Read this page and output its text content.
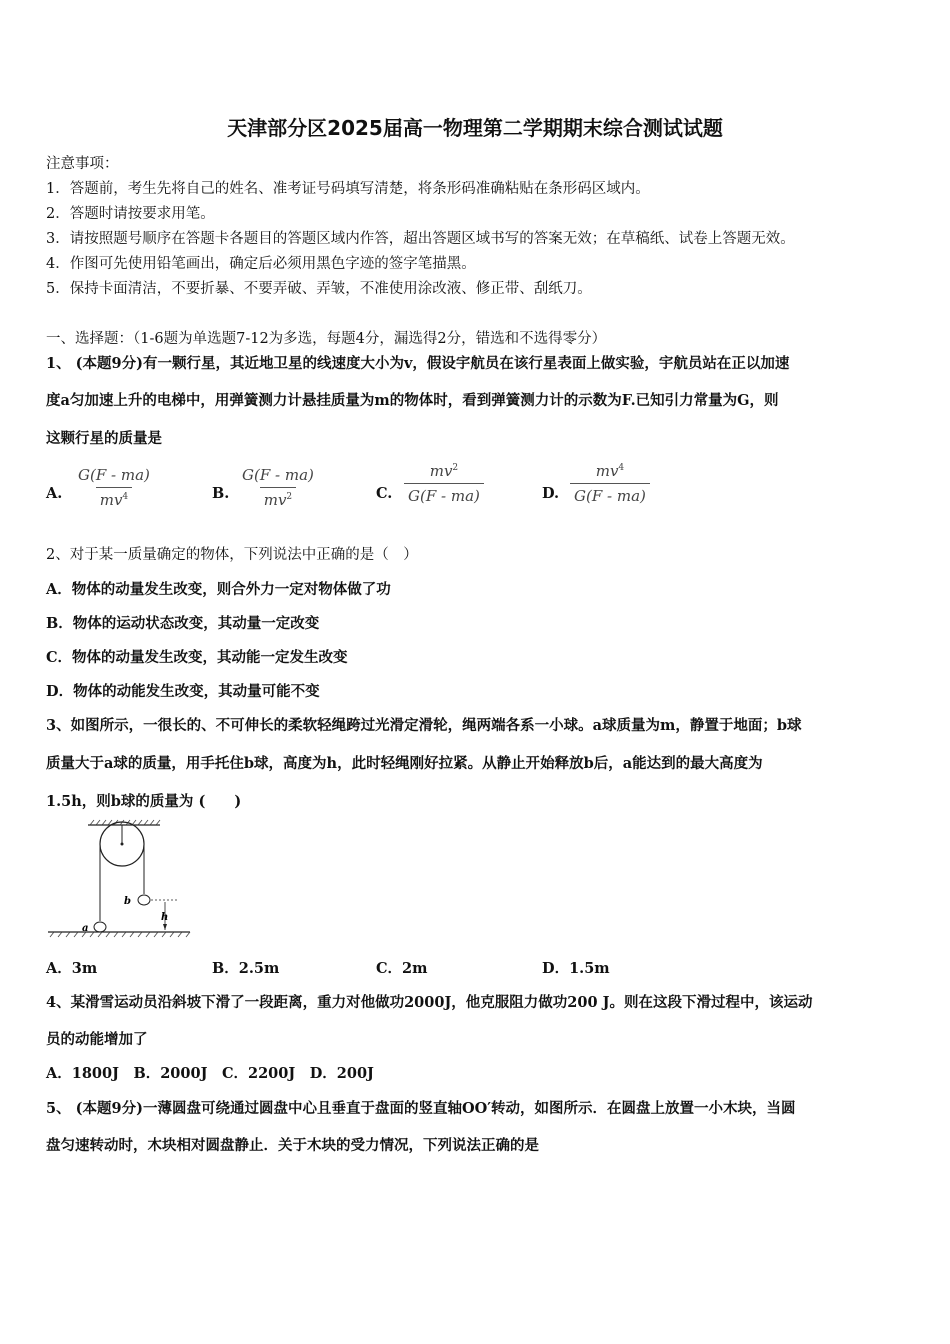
天津部分区2025届高一物理第二学期期末综合测试试题
注意事项：
1．答题前，考生先将自己的姓名、准考证号码填写清楚，将条形码准确粘贴在条形码区域内。
2．答题时请按要求用笔。
3．请按照题号顺序在答题卡各题目的答题区域内作答，超出答题区域书写的答案无效；在草稿纸、试卷上答题无效。
4．作图可先使用铅笔画出，确定后必须用黑色字迹的签字笔描黑。
5．保持卡面清洁，不要折暴、不要弄破、弄皱，不准使用涂改液、修正带、刮纸刀。
一、选择题：（1-6题为单选题7-12为多选，每题4分，漏选得2分，错选和不选得零分）
1、 (本题9分)有一颗行星，其近地卫星的线速度大小为v，假设宇航员在该行星表面上做实验，宇航员站在正以加速
度a匀加速上升的电梯中，用弹簧测力计悬挂质量为m的物体时，看到弹簧测力计的示数为F.已知引力常量为G，则
这颗行星的质量是
A. $\frac{G(F - ma)}{mv^4}$	B. $\frac{G(F - ma)}{mv^2}$	C. $\frac{mv^2}{G(F - ma)}$	D. $\frac{mv^4}{G(F - ma)}$
2、对于某一质量确定的物体，下列说法中正确的是（　）
A．物体的动量发生改变，则合外力一定对物体做了功
B．物体的运动状态改变，其动量一定改变
C．物体的动量发生改变，其动能一定发生改变
D．物体的动能发生改变，其动量可能不变
3、如图所示，一很长的、不可伸长的柔软轻绳跨过光滑定滑轮，绳两端各系一小球。a球质量为m，静置于地面；b球
质量大于a球的质量，用手托住b球，高度为h，此时轻绳刚好拉紧。从静止开始释放b后，a能达到的最大高度为
1.5h，则b球的质量为 (　　)
b
a
h
A．3m	B．2.5m	C．2m	D．1.5m
4、某滑雪运动员沿斜坡下滑了一段距离，重力对他做功2000J，他克服阻力做功200 J。则在这段下滑过程中，该运动
员的动能增加了
A．1800J　B．2000J　C．2200J　D．200J
5、 (本题9分)一薄圆盘可绕通过圆盘中心且垂直于盘面的竖直轴OO′转动，如图所示．在圆盘上放置一小木块，当圆
盘匀速转动时，木块相对圆盘静止．关于木块的受力情况，下列说法正确的是
